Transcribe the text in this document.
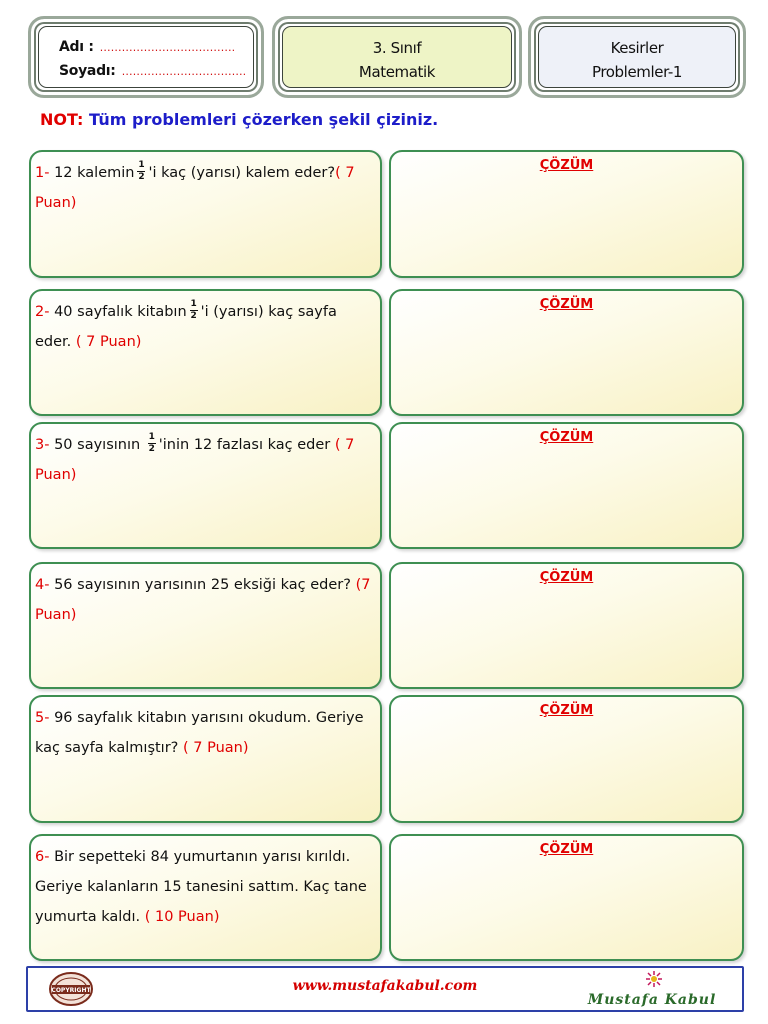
Adı : ……………………………….
Soyadı: …………………………….
3. Sınıf
Matematik
Kesirler
Problemler-1
NOT: Tüm problemleri çözerken şekil çiziniz.
1- 12 kalemin $\frac{1}{2}$ 'i kaç (yarısı) kalem eder?( 7 Puan)
ÇÖZÜM
2- 40 sayfalık kitabın $\frac{1}{2}$ 'i (yarısı) kaç sayfa eder. ( 7 Puan)
ÇÖZÜM
3- 50 sayısının $\frac{1}{2}$ 'inin 12 fazlası kaç eder ( 7 Puan)
ÇÖZÜM
4- 56 sayısının yarısının 25 eksiği kaç eder? (7 Puan)
ÇÖZÜM
5- 96 sayfalık kitabın yarısını okudum. Geriye kaç sayfa kalmıştır? ( 7 Puan)
ÇÖZÜM
6- Bir sepetteki 84 yumurtanın yarısı kırıldı. Geriye kalanların 15 tanesini sattım. Kaç tane yumurta kaldı. ( 10 Puan)
ÇÖZÜM
COPYRIGHT	www.mustafakabul.com
Mustafa Kabul
